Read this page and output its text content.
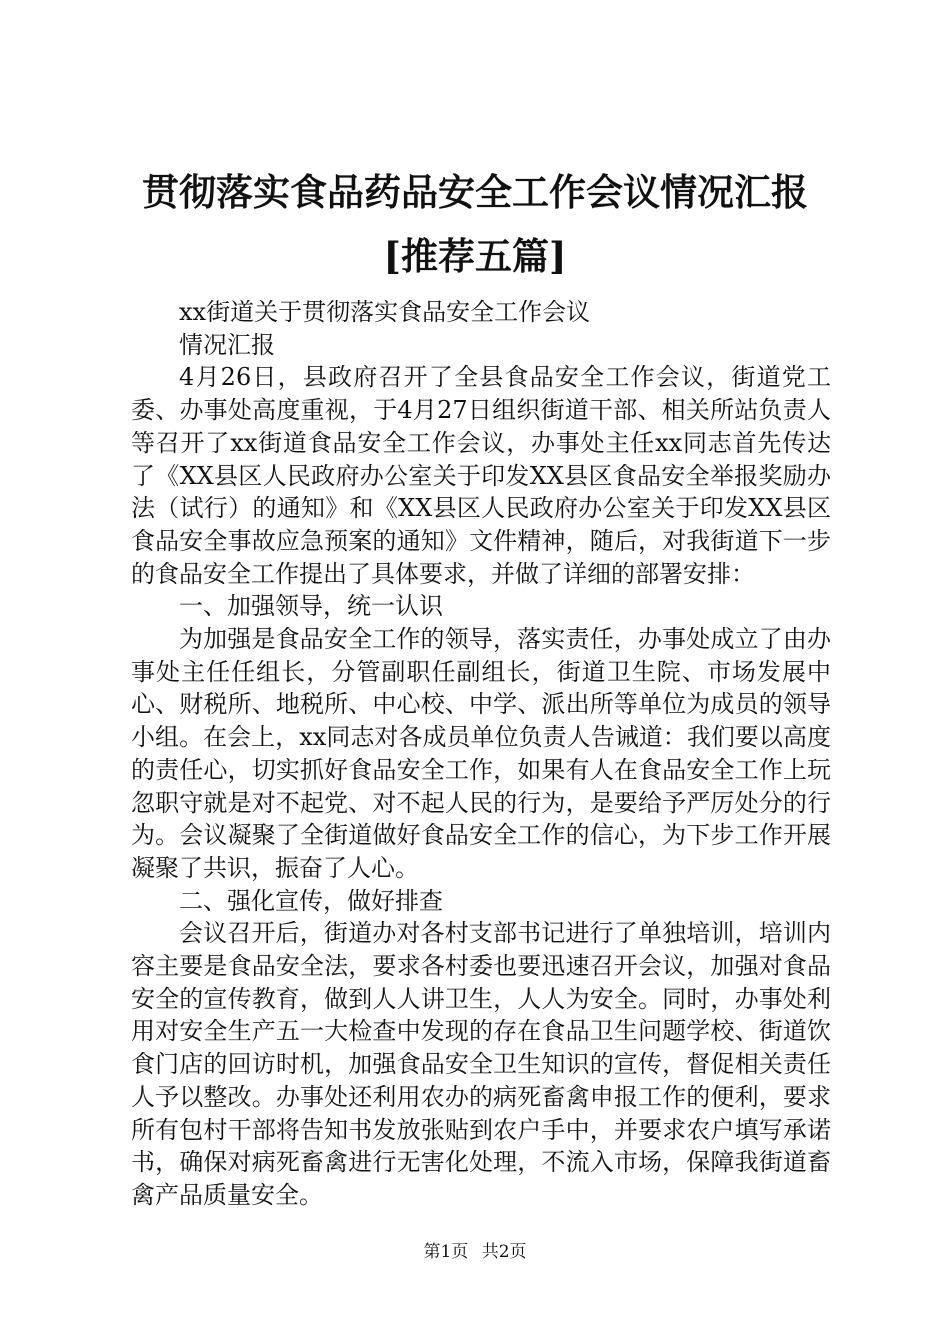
贯彻落实食品药品安全工作会议情况汇报[推荐五篇]

xx街道关于贯彻落实食品安全工作会议

情况汇报

4月26日，县政府召开了全县食品安全工作会议，街道党工委、办事处高度重视，于4月27日组织街道干部、相关所站负责人等召开了xx街道食品安全工作会议，办事处主任xx同志首先传达了《XX县区人民政府办公室关于印发XX县区食品安全举报奖励办法（试行）的通知》和《XX县区人民政府办公室关于印发XX县区食品安全事故应急预案的通知》文件精神，随后，对我街道下一步的食品安全工作提出了具体要求，并做了详细的部署安排：

一、加强领导，统一认识

为加强是食品安全工作的领导，落实责任，办事处成立了由办事处主任任组长，分管副职任副组长，街道卫生院、市场发展中心、财税所、地税所、中心校、中学、派出所等单位为成员的领导小组。在会上，xx同志对各成员单位负责人告诫道：我们要以高度的责任心，切实抓好食品安全工作，如果有人在食品安全工作上玩忽职守就是对不起党、对不起人民的行为，是要给予严厉处分的行为。会议凝聚了全街道做好食品安全工作的信心，为下步工作开展凝聚了共识，振奋了人心。

二、强化宣传，做好排查

会议召开后，街道办对各村支部书记进行了单独培训，培训内容主要是食品安全法，要求各村委也要迅速召开会议，加强对食品安全的宣传教育，做到人人讲卫生，人人为安全。同时，办事处利用对安全生产五一大检查中发现的存在食品卫生问题学校、街道饮食门店的回访时机，加强食品安全卫生知识的宣传，督促相关责任人予以整改。办事处还利用农办的病死畜禽申报工作的便利，要求所有包村干部将告知书发放张贴到农户手中，并要求农户填写承诺书，确保对病死畜禽进行无害化处理，不流入市场，保障我街道畜禽产品质量安全。

第1页 共2页
